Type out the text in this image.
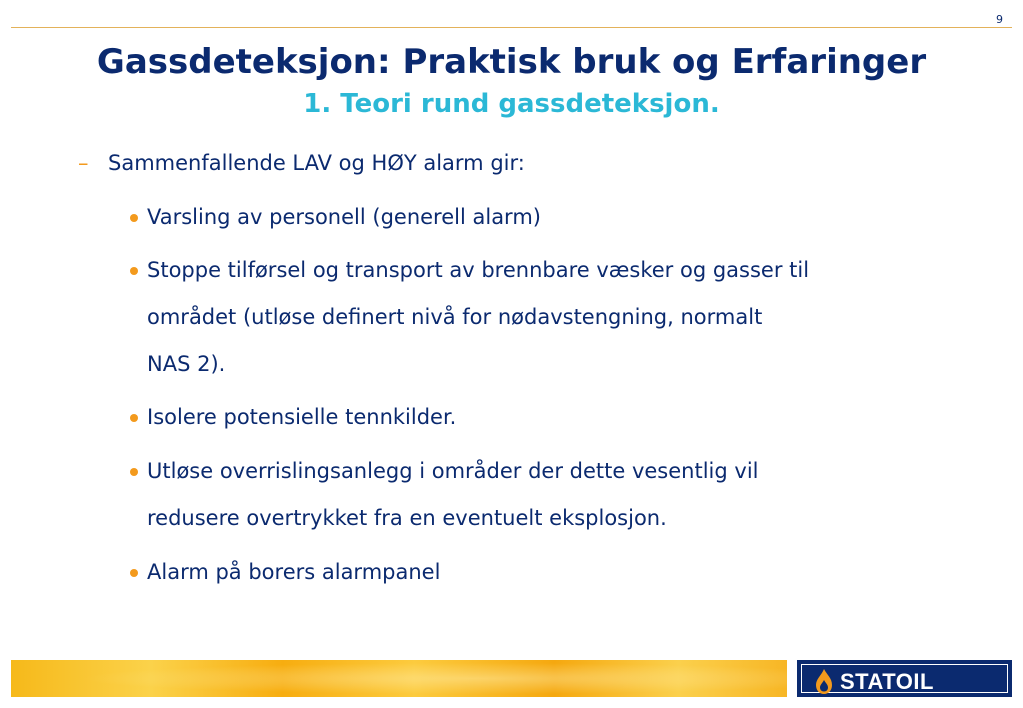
9
Gassdeteksjon: Praktisk bruk og Erfaringer
1. Teori rund gassdeteksjon.
– Sammenfallende LAV og HØY alarm gir:
Varsling av personell (generell alarm)
Stoppe tilførsel og transport av brennbare væsker og gasser til
området (utløse definert nivå for nødavstengning, normalt
NAS 2).
Isolere potensielle tennkilder.
Utløse overrislingsanlegg i områder der dette vesentlig vil
redusere overtrykket fra en eventuelt eksplosjon.
Alarm på borers alarmpanel
STATOIL
